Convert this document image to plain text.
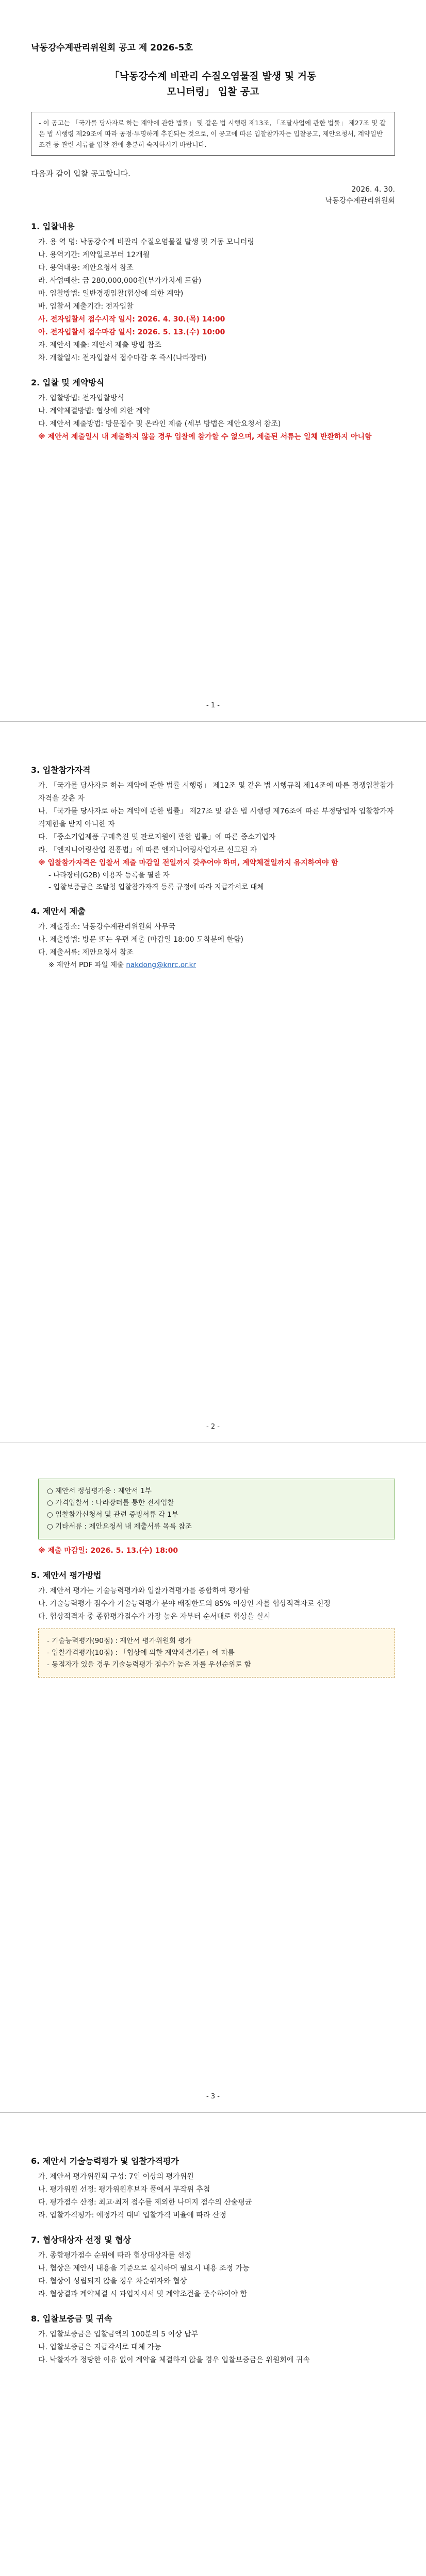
낙동강수계관리위원회 공고 제 2026-5호
「낙동강수계 비관리 수질오염물질 발생 및 거동
모니터링」 입찰 공고
- 이 공고는 「국가를 당사자로 하는 계약에 관한 법률」 및 같은 법 시행령 제13조, 「조달사업에 관한 법률」 제27조 및 같은 법 시행령 제29조에 따라 공정·투명하게 추진되는 것으로, 이 공고에 따른 입찰참가자는 입찰공고, 제안요청서, 계약일반조건 등 관련 서류를 입찰 전에 충분히 숙지하시기 바랍니다.
다음과 같이 입찰 공고합니다.
2026. 4. 30.
낙동강수계관리위원회
1. 입찰내용
가. 용 역 명: 낙동강수계 비관리 수질오염물질 발생 및 거동 모니터링
나. 용역기간: 계약일로부터 12개월
다. 용역내용: 제안요청서 참조
라. 사업예산: 금 280,000,000원(부가가치세 포함)
마. 입찰방법: 일반경쟁입찰(협상에 의한 계약)
바. 입찰서 제출기간: 전자입찰
사. 전자입찰서 접수시작 일시: 2026. 4. 30.(목) 14:00
아. 전자입찰서 접수마감 일시: 2026. 5. 13.(수) 10:00
자. 제안서 제출: 제안서 제출 방법 참조
차. 개찰일시: 전자입찰서 접수마감 후 즉시(나라장터)
2. 입찰 및 계약방식
가. 입찰방법: 전자입찰방식
나. 계약체결방법: 협상에 의한 계약
다. 제안서 제출방법: 방문접수 및 온라인 제출 (세부 방법은 제안요청서 참조)
※ 제안서 제출일시 내 제출하지 않을 경우 입찰에 참가할 수 없으며, 제출된 서류는 일체 반환하지 아니함
- 1 -
3. 입찰참가자격
가. 「국가를 당사자로 하는 계약에 관한 법률 시행령」 제12조 및 같은 법 시행규칙 제14조에 따른 경쟁입찰참가자격을 갖춘 자
나. 「국가를 당사자로 하는 계약에 관한 법률」 제27조 및 같은 법 시행령 제76조에 따른 부정당업자 입찰참가자격제한을 받지 아니한 자
다. 「중소기업제품 구매촉진 및 판로지원에 관한 법률」에 따른 중소기업자
라. 「엔지니어링산업 진흥법」에 따른 엔지니어링사업자로 신고된 자
※ 입찰참가자격은 입찰서 제출 마감일 전일까지 갖추어야 하며, 계약체결일까지 유지하여야 함
- 나라장터(G2B) 이용자 등록을 필한 자
- 입찰보증금은 조달청 입찰참가자격 등록 규정에 따라 지급각서로 대체
4. 제안서 제출
가. 제출장소: 낙동강수계관리위원회 사무국
나. 제출방법: 방문 또는 우편 제출 (마감일 18:00 도착분에 한함)
다. 제출서류: 제안요청서 참조
※ 제안서 PDF 파일 제출 nakdong@knrc.or.kr
- 2 -
○ 제안서 정성평가용 : 제안서 1부
○ 가격입찰서 : 나라장터를 통한 전자입찰
○ 입찰참가신청서 및 관련 증빙서류 각 1부
○ 기타서류 : 제안요청서 내 제출서류 목록 참조
※ 제출 마감일: 2026. 5. 13.(수) 18:00
5. 제안서 평가방법
가. 제안서 평가는 기술능력평가와 입찰가격평가를 종합하여 평가함
나. 기술능력평가 점수가 기술능력평가 분야 배점한도의 85% 이상인 자를 협상적격자로 선정
다. 협상적격자 중 종합평가점수가 가장 높은 자부터 순서대로 협상을 실시
- 기술능력평가(90점) : 제안서 평가위원회 평가
- 입찰가격평가(10점) : 「협상에 의한 계약체결기준」에 따름
- 동점자가 있을 경우 기술능력평가 점수가 높은 자를 우선순위로 함
- 3 -
6. 제안서 기술능력평가 및 입찰가격평가
가. 제안서 평가위원회 구성: 7인 이상의 평가위원
나. 평가위원 선정: 평가위원후보자 풀에서 무작위 추첨
다. 평가점수 산정: 최고·최저 점수를 제외한 나머지 점수의 산술평균
라. 입찰가격평가: 예정가격 대비 입찰가격 비율에 따라 산정
7. 협상대상자 선정 및 협상
가. 종합평가점수 순위에 따라 협상대상자를 선정
나. 협상은 제안서 내용을 기준으로 실시하며 필요시 내용 조정 가능
다. 협상이 성립되지 않을 경우 차순위자와 협상
라. 협상결과 계약체결 시 과업지시서 및 계약조건을 준수하여야 함
8. 입찰보증금 및 귀속
가. 입찰보증금은 입찰금액의 100분의 5 이상 납부
나. 입찰보증금은 지급각서로 대체 가능
다. 낙찰자가 정당한 이유 없이 계약을 체결하지 않을 경우 입찰보증금은 위원회에 귀속
